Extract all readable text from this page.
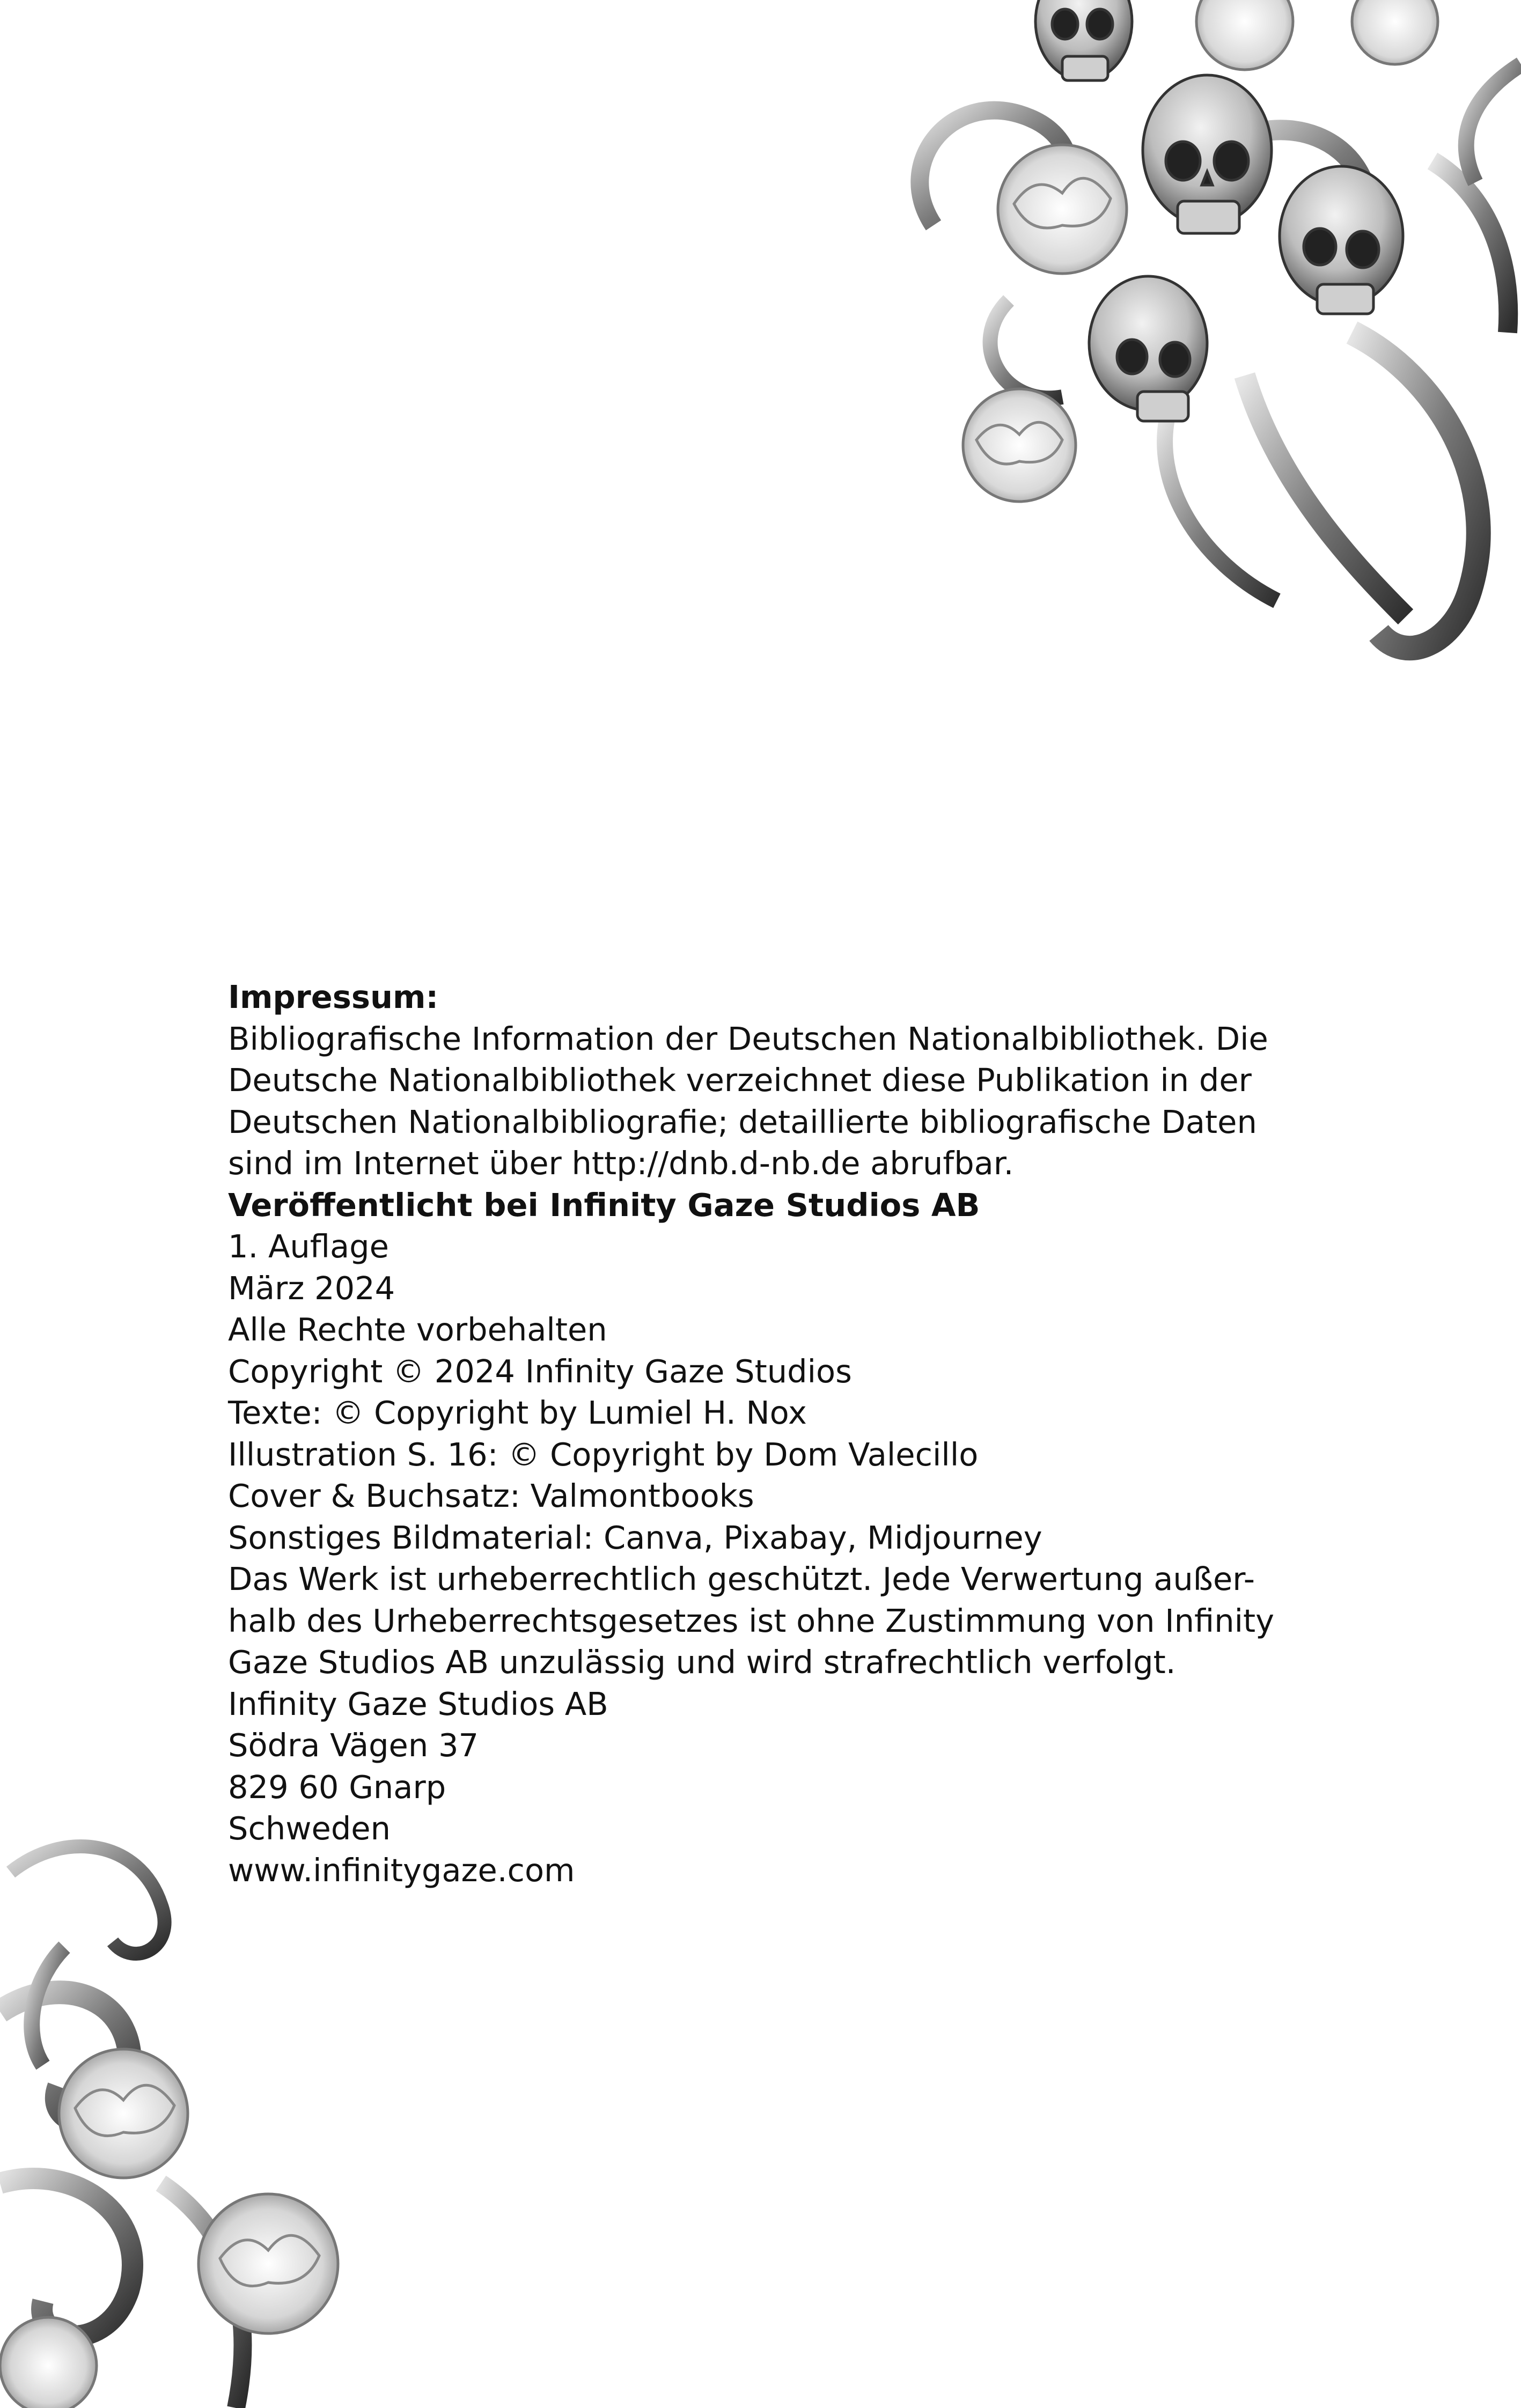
Impressum:
Bibliografische Information der Deutschen Nationalbibliothek. Die
Deutsche Nationalbibliothek verzeichnet diese Publikation in der
Deutschen Nationalbibliografie; detaillierte bibliografische Daten
sind im Internet über http://dnb.d-nb.de abrufbar.
Veröffentlicht bei Infinity Gaze Studios AB
1. Auflage
März 2024
Alle Rechte vorbehalten
Copyright © 2024 Infinity Gaze Studios
Texte: © Copyright by Lumiel H. Nox
Illustration S. 16: © Copyright by Dom Valecillo
Cover & Buchsatz: Valmontbooks
Sonstiges Bildmaterial: Canva, Pixabay, Midjourney
Das Werk ist urheberrechtlich geschützt. Jede Verwertung außer-
halb des Urheberrechtsgesetzes ist ohne Zustimmung von Infinity
Gaze Studios AB unzulässig und wird strafrechtlich verfolgt.
Infinity Gaze Studios AB
Södra Vägen 37
829 60 Gnarp
Schweden
www.infinitygaze.com
